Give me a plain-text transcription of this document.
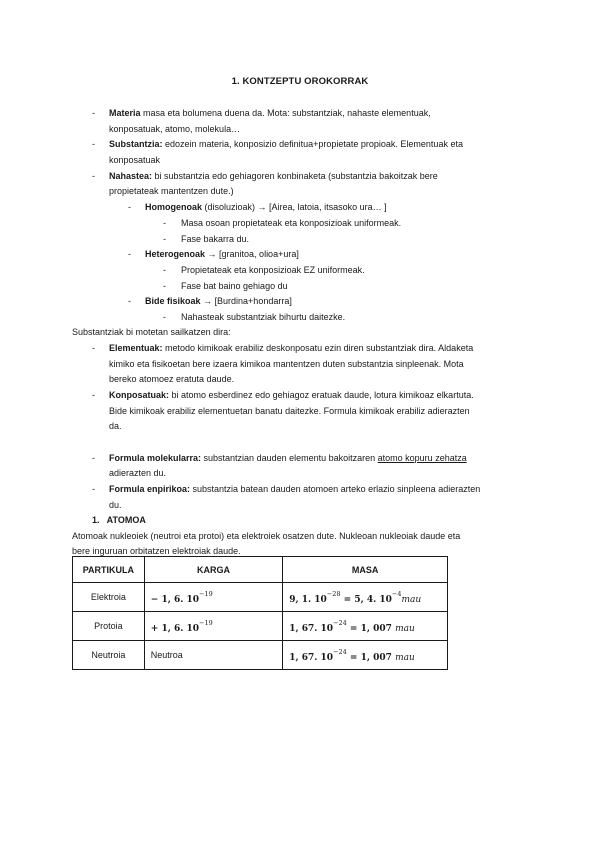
1. KONTZEPTU OROKORRAK
- Materia masa eta bolumena duena da. Mota: substantziak, nahaste elementuak,
konposatuak, atomo, molekula…
- Substantzia: edozein materia, konposizio definitua+propietate propioak. Elementuak eta
konposatuak
- Nahastea: bi substantzia edo gehiagoren konbinaketa (substantzia bakoitzak bere
propietateak mantentzen dute.)
- Homogenoak (disoluzioak) → [Airea, latoia, itsasoko ura… ]
- Masa osoan propietateak eta konposizioak uniformeak.
- Fase bakarra du.
- Heterogenoak → [granitoa, olioa+ura]
- Propietateak eta konposizioak EZ uniformeak.
- Fase bat baino gehiago du
- Bide fisikoak → [Burdina+hondarra]
- Nahasteak substantziak bihurtu daitezke.
Substantziak bi motetan sailkatzen dira:
- Elementuak: metodo kimikoak erabiliz deskonposatu ezin diren substantziak dira. Aldaketa
kimiko eta fisikoetan bere izaera kimikoa mantentzen duten substantzia sinpleenak. Mota
bereko atomoez eratuta daude.
- Konposatuak: bi atomo esberdinez edo gehiagoz eratuak daude, lotura kimikoaz elkartuta.
Bide kimikoak erabiliz elementuetan banatu daitezke. Formula kimikoak erabiliz adierazten
da.
- Formula molekularra: substantzian dauden elementu bakoitzaren atomo kopuru zehatza
adierazten du.
- Formula enpirikoa: substantzia batean dauden atomoen arteko erlazio sinpleena adierazten
du.
1.   ATOMOA
Atomoak nukleoiek (neutroi eta protoi) eta elektroiek osatzen dute. Nukleoan nukleoiak daude eta
bere inguruan orbitatzen elektroiak daude.
PARTIKULA	KARGA	MASA
Elektroia	− 1, 6. $10^{-19}$	9, 1. $10^{-28} = 5$, 4. $10^{-4}mau$
Protoia	+ 1, 6. $10^{-19}$	1, 67. $10^{-24} = 1$, 007 mau
Neutroia	Neutroa	1, 67. $10^{-24} = 1$, 007 mau
